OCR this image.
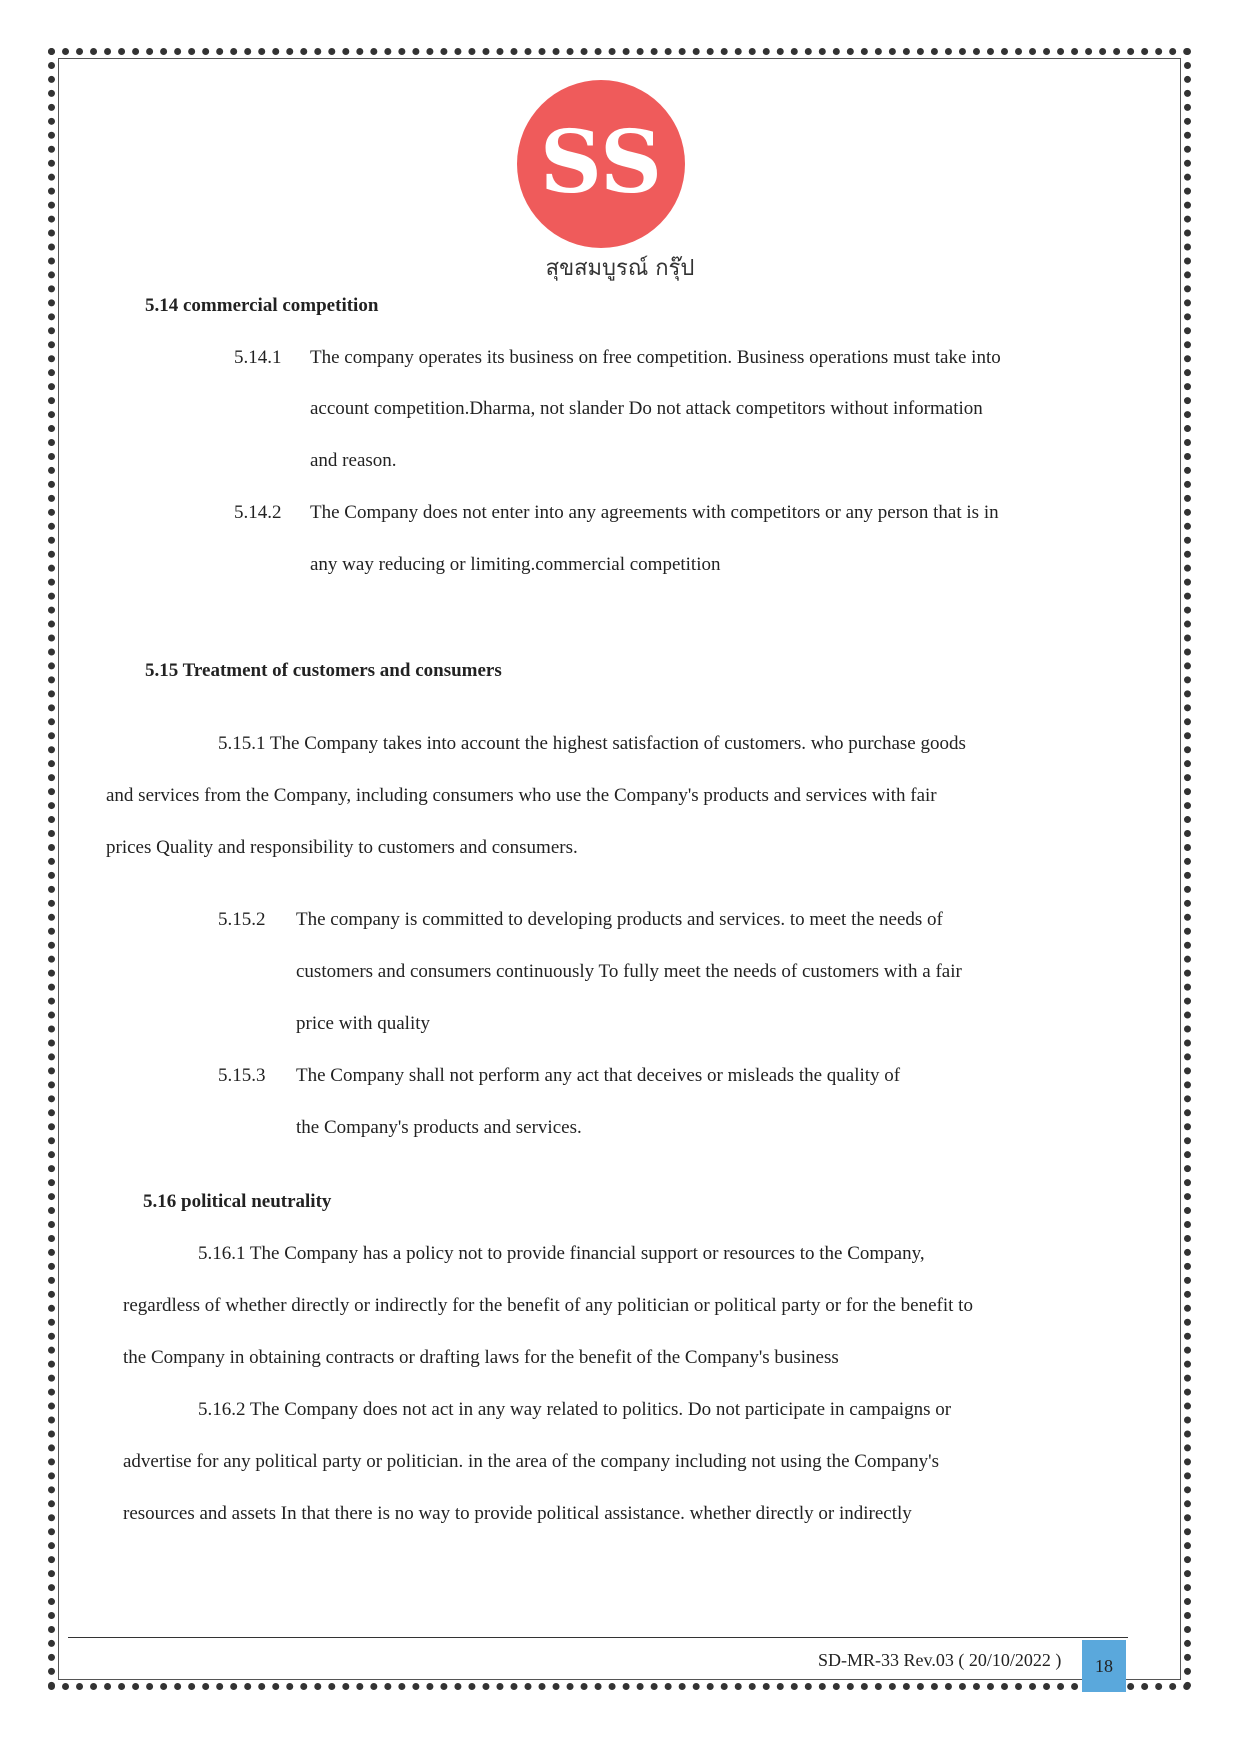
SS
สุขสมบูรณ์ กรุ๊ป
5.14 commercial competition
5.14.1 The company operates its business on free competition. Business operations must take into
account competition.Dharma, not slander Do not attack competitors without information
and reason.
5.14.2 The Company does not enter into any agreements with competitors or any person that is in
any way reducing or limiting.commercial competition
5.15 Treatment of customers and consumers
5.15.1 The Company takes into account the highest satisfaction of customers. who purchase goods
and services from the Company, including consumers who use the Company's products and services with fair
prices Quality and responsibility to customers and consumers.
5.15.2 The company is committed to developing products and services. to meet the needs of
customers and consumers continuously To fully meet the needs of customers with a fair
price with quality
5.15.3 The Company shall not perform any act that deceives or misleads the quality of
the Company's products and services.
5.16 political neutrality
5.16.1 The Company has a policy not to provide financial support or resources to the Company,
regardless of whether directly or indirectly for the benefit of any politician or political party or for the benefit to
the Company in obtaining contracts or drafting laws for the benefit of the Company's business
5.16.2 The Company does not act in any way related to politics. Do not participate in campaigns or
advertise for any political party or politician. in the area of the company including not using the Company's
resources and assets In that there is no way to provide political assistance. whether directly or indirectly
SD-MR-33 Rev.03 ( 20/10/2022 ) 18
